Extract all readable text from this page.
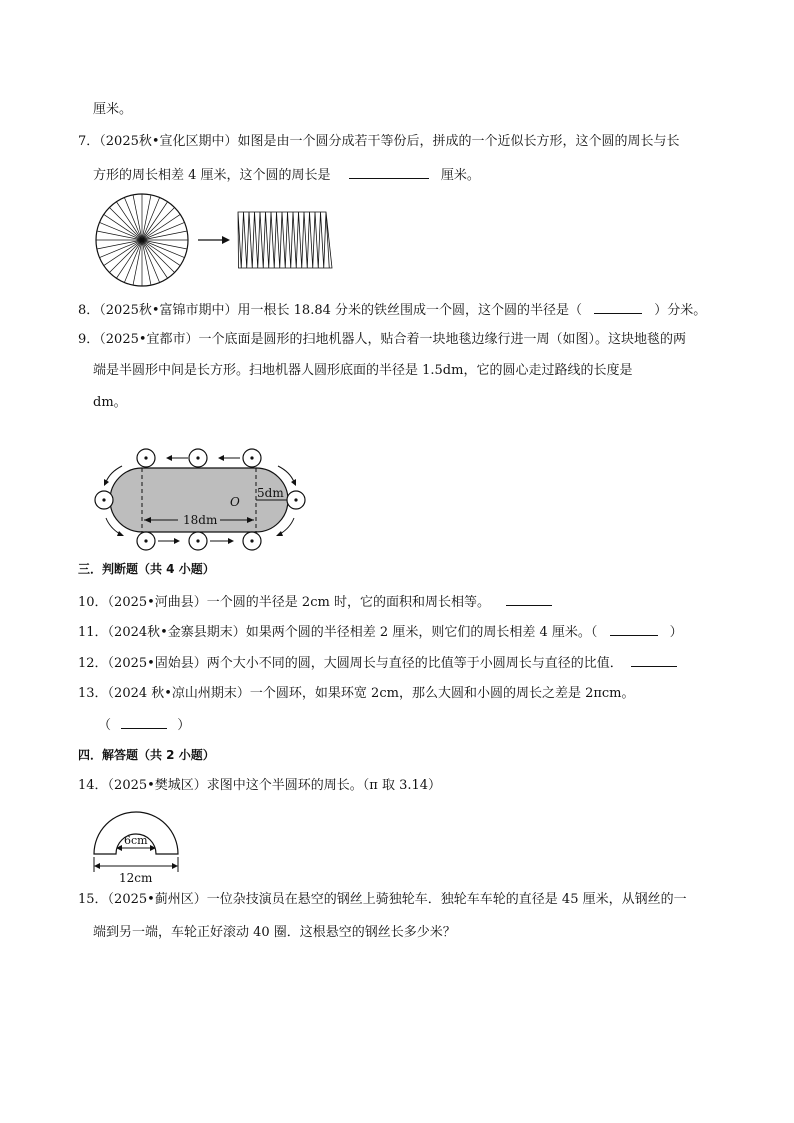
厘米。
7．（2025秋•宣化区期中）如图是由一个圆分成若干等份后，拼成的一个近似长方形，这个圆的周长与长
方形的周长相差 4 厘米，这个圆的周长是	厘米。
8．（2025秋•富锦市期中）用一根长 18.84 分米的铁丝围成一个圆，这个圆的半径是（	）分米。
9．（2025•宜都市）一个底面是圆形的扫地机器人，贴合着一块地毯边缘行进一周（如图）。这块地毯的两
端是半圆形中间是长方形。扫地机器人圆形底面的半径是 1.5dm，它的圆心走过路线的长度是
dm。
O
5dm
18dm
三．判断题（共 4 小题）
10．（2025•河曲县）一个圆的半径是 2cm 时，它的面积和周长相等。
11．（2024秋•金寨县期末）如果两个圆的半径相差 2 厘米，则它们的周长相差 4 厘米。（	）
12．（2025•固始县）两个大小不同的圆，大圆周长与直径的比值等于小圆周长与直径的比值．
13．（2024 秋•凉山州期末）一个圆环，如果环宽 2cm，那么大圆和小圆的周长之差是 2πcm。
（	）
四．解答题（共 2 小题）
14．（2025•樊城区）求图中这个半圆环的周长。（π 取 3.14）
6cm
12cm
15．（2025•蓟州区）一位杂技演员在悬空的钢丝上骑独轮车．独轮车车轮的直径是 45 厘米，从钢丝的一
端到另一端，车轮正好滚动 40 圈．这根悬空的钢丝长多少米？
